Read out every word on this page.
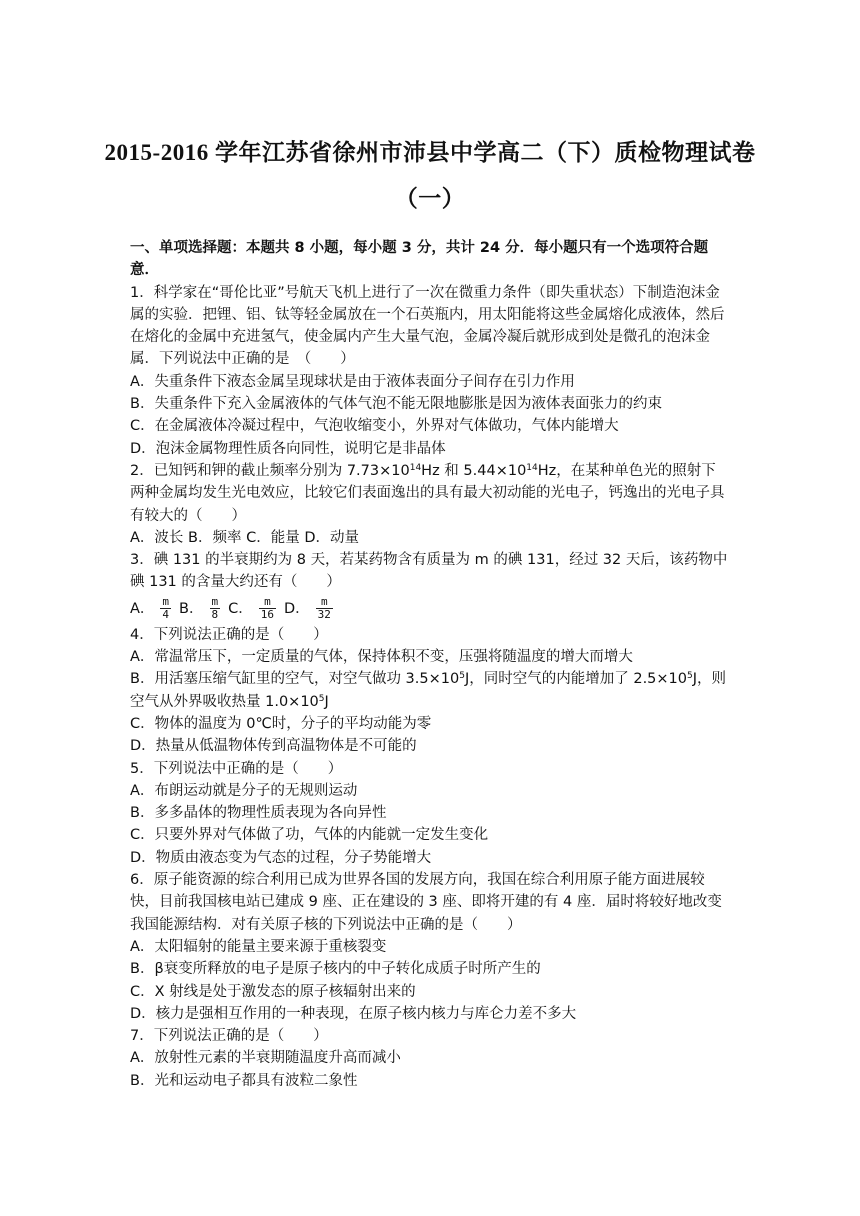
2015-2016 学年江苏省徐州市沛县中学高二（下）质检物理试卷
（一）

一、单项选择题：本题共 8 小题，每小题 3 分，共计 24 分．每小题只有一个选项符合题意．

1．科学家在“哥伦比亚”号航天飞机上进行了一次在微重力条件（即失重状态）下制造泡沫金属的实验．把锂、铝、钛等轻金属放在一个石英瓶内，用太阳能将这些金属熔化成液体，然后在熔化的金属中充进氢气，使金属内产生大量气泡，金属冷凝后就形成到处是微孔的泡沫金属．下列说法中正确的是　（　　）

A．失重条件下液态金属呈现球状是由于液体表面分子间存在引力作用

B．失重条件下充入金属液体的气体气泡不能无限地膨胀是因为液体表面张力的约束

C．在金属液体冷凝过程中，气泡收缩变小，外界对气体做功，气体内能增大

D．泡沫金属物理性质各向同性，说明它是非晶体

2．已知钙和钾的截止频率分别为 $7.73\times 10^{14}Hz$ 和 $5.44\times 10^{14}Hz$，在某种单色光的照射下两种金属均发生光电效应，比较它们表面逸出的具有最大初动能的光电子，钙逸出的光电子具有较大的（　　）

A．波长 B．频率 C．能量 D．动量

3．碘 131 的半衰期约为 8 天，若某药物含有质量为 m 的碘 131，经过 32 天后，该药物中碘 131 的含量大约还有（　　）

A． $\frac{m}{4}$ B． $\frac{m}{8}$ C． $\frac{m}{16}$ D． $\frac{m}{32}$

4．下列说法正确的是（　　）

A．常温常压下，一定质量的气体，保持体积不变，压强将随温度的增大而增大

B．用活塞压缩气缸里的空气，对空气做功 $3.5\times 10^5J$，同时空气的内能增加了 $2.5\times 10^5J$，则空气从外界吸收热量 $1.0\times 10^5J$

C．物体的温度为 0℃时，分子的平均动能为零

D．热量从低温物体传到高温物体是不可能的

5．下列说法中正确的是（　　）

A．布朗运动就是分子的无规则运动

B．多多晶体的物理性质表现为各向异性

C．只要外界对气体做了功，气体的内能就一定发生变化

D．物质由液态变为气态的过程，分子势能增大

6．原子能资源的综合利用已成为世界各国的发展方向，我国在综合利用原子能方面进展较快，目前我国核电站已建成 9 座、正在建设的 3 座、即将开建的有 4 座．届时将较好地改变我国能源结构．对有关原子核的下列说法中正确的是（　　）

A．太阳辐射的能量主要来源于重核裂变

B．β衰变所释放的电子是原子核内的中子转化成质子时所产生的

C．X 射线是处于激发态的原子核辐射出来的

D．核力是强相互作用的一种表现，在原子核内核力与库仑力差不多大

7．下列说法正确的是（　　）

A．放射性元素的半衰期随温度升高而减小

B．光和运动电子都具有波粒二象性
